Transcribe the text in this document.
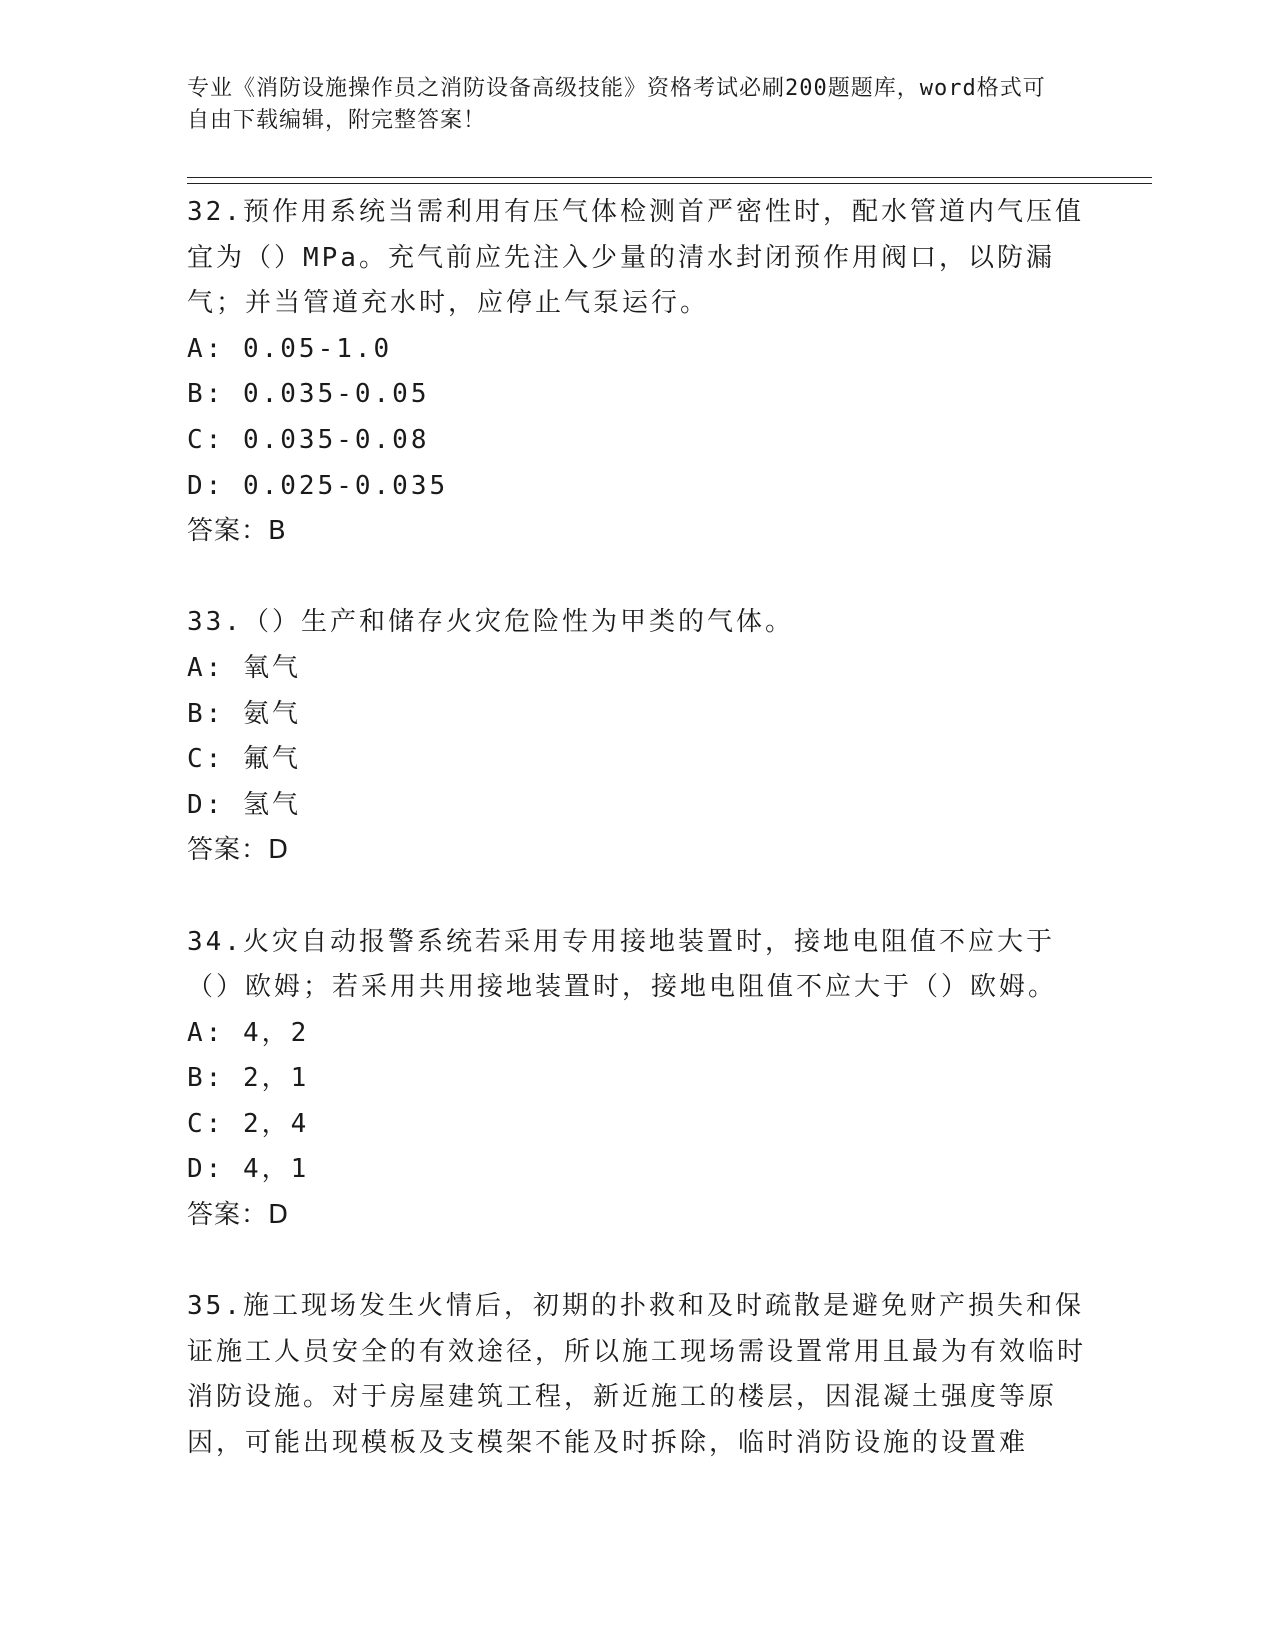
专业《消防设施操作员之消防设备高级技能》资格考试必刷200题题库，word格式可自由下载编辑，附完整答案！

32.预作用系统当需利用有压气体检测首严密性时，配水管道内气压值宜为（）MPa。充气前应先注入少量的清水封闭预作用阀口，以防漏气；并当管道充水时，应停止气泵运行。

A: 0.05-1.0

B: 0.035-0.05

C: 0.035-0.08

D: 0.025-0.035

答案：B

33.（）生产和储存火灾危险性为甲类的气体。

A: 氧气

B: 氨气

C: 氟气

D: 氢气

答案：D

34.火灾自动报警系统若采用专用接地装置时，接地电阻值不应大于（）欧姆；若采用共用接地装置时，接地电阻值不应大于（）欧姆。

A: 4，2

B: 2，1

C: 2，4

D: 4，1

答案：D

35.施工现场发生火情后，初期的扑救和及时疏散是避免财产损失和保证施工人员安全的有效途径，所以施工现场需设置常用且最为有效临时消防设施。对于房屋建筑工程，新近施工的楼层，因混凝土强度等原因，可能出现模板及支模架不能及时拆除，临时消防设施的设置难
